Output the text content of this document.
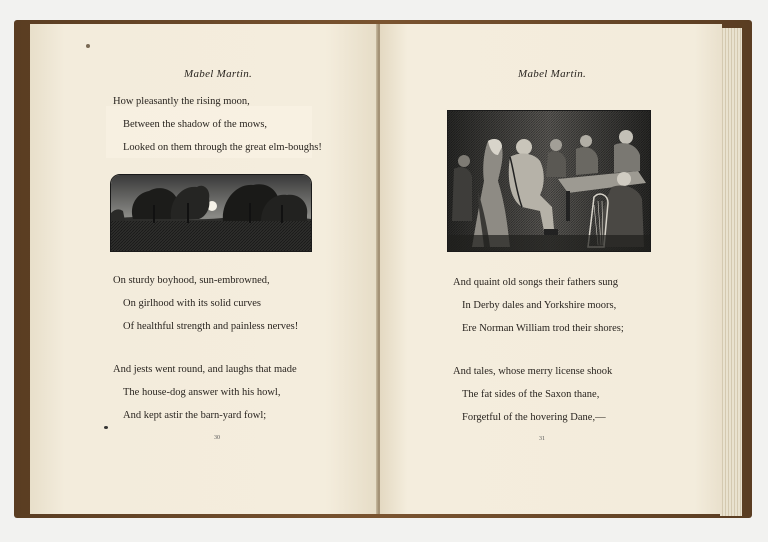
Mabel Martin.
How pleasantly the rising moon,
Between the shadow of the mows,
Looked on them through the great elm-boughs!
On sturdy boyhood, sun-embrowned,
On girlhood with its solid curves
Of healthful strength and painless nerves!
And jests went round, and laughs that made
The house-dog answer with his howl,
And kept astir the barn-yard fowl;
30
Mabel Martin.
And quaint old songs their fathers sung
In Derby dales and Yorkshire moors,
Ere Norman William trod their shores;
And tales, whose merry license shook
The fat sides of the Saxon thane,
Forgetful of the hovering Dane,—
31
